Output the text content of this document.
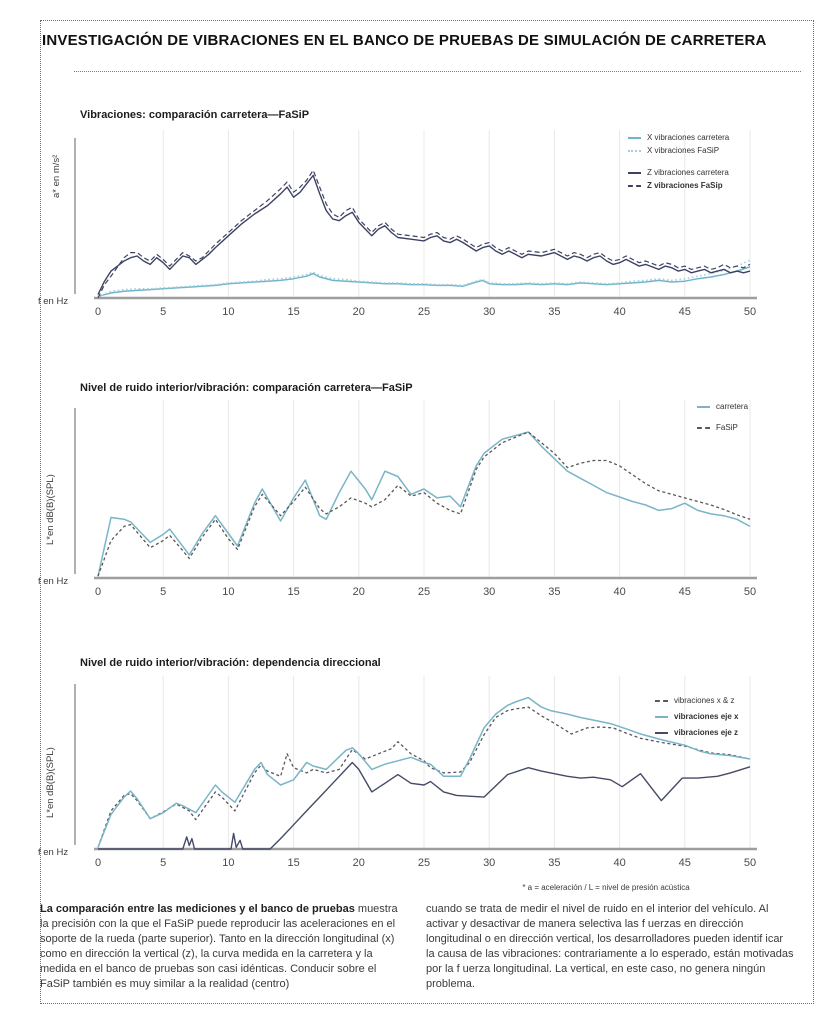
INVESTIGACIÓN DE VIBRACIONES EN EL BANCO DE PRUEBAS DE SIMULACIÓN DE CARRETERA
Vibraciones: comparación carretera—FaSiP
a* en m/s²
0	5	10	15	20	25	30	35	40	45	50
f en Hz
X vibraciones carretera
X vibraciones FaSiP
Z vibraciones carretera
Z vibraciones FaSip
Nivel de ruido interior/vibración: comparación carretera—FaSiP
L*en dB(B)(SPL)
0	5	10	15	20	25	30	35	40	45	50
f en Hz
carretera
FaSiP
Nivel de ruido interior/vibración: dependencia direccional
L*en dB(B)(SPL)
0	5	10	15	20	25	30	35	40	45	50
f en Hz
vibraciones x & z
vibraciones eje x
vibraciones eje z
* a = aceleración / L = nivel de presión acústica
La comparación entre las mediciones y el banco de pruebas muestra la precisión con la que el FaSiP puede reproducir las aceleraciones en el soporte de la rueda (parte superior). Tanto en la dirección longitudinal (x) como en dirección la vertical (z), la curva medida en la carretera y la medida en el banco de pruebas son casi idénticas. Conducir sobre el FaSiP también es muy similar a la realidad (centro)
cuando se trata de medir el nivel de ruido en el interior del vehículo. Al activar y desactivar de manera selectiva las f uerzas en dirección longitudinal o en dirección vertical, los desarrolladores pueden identif icar la causa de las vibraciones: contrariamente a lo esperado, están motivadas por la f uerza longitudinal. La vertical, en este caso, no genera ningún problema.
